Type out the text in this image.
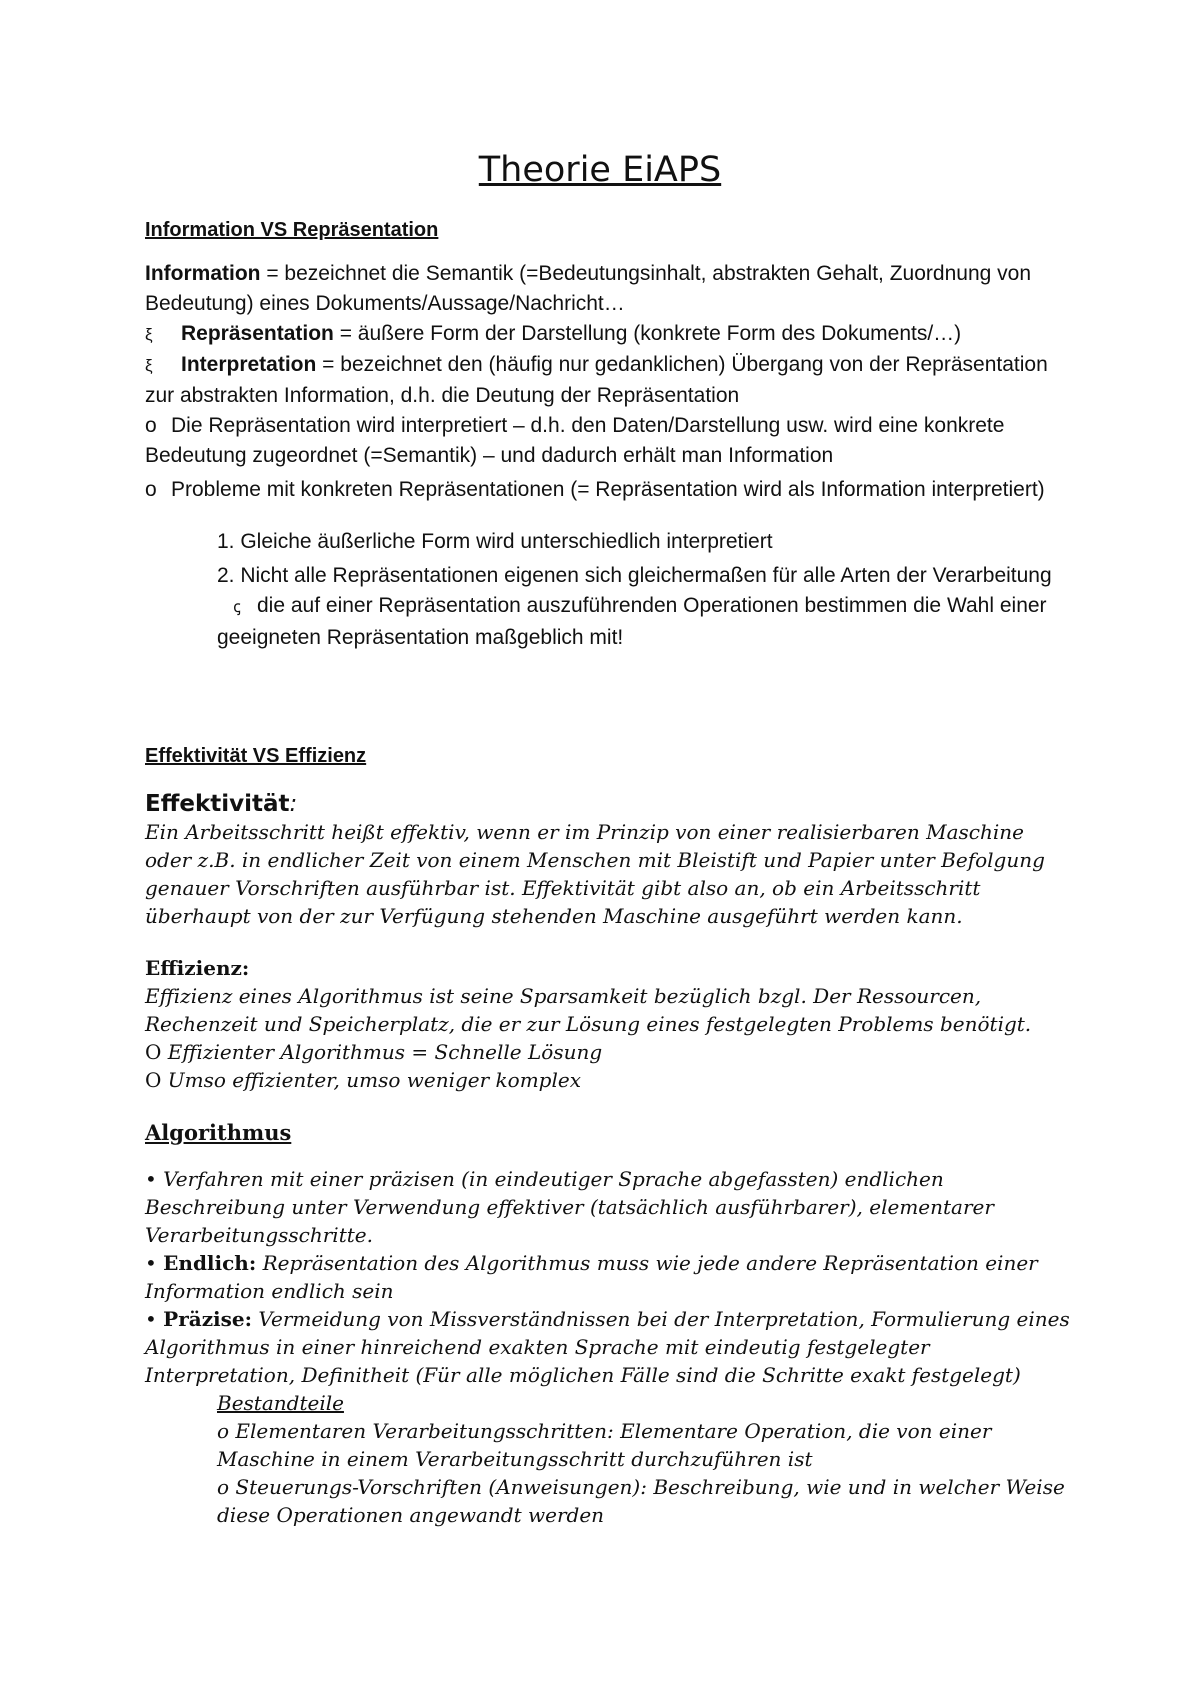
Theorie EiAPS

Information VS Repräsentation

Information = bezeichnet die Semantik (=Bedeutungsinhalt, abstrakten Gehalt, Zuordnung von Bedeutung) eines Dokuments/Aussage/Nachricht…

ξ Repräsentation = äußere Form der Darstellung (konkrete Form des Dokuments/…)

ξ Interpretation = bezeichnet den (häufig nur gedanklichen) Übergang von der Repräsentation zur abstrakten Information, d.h. die Deutung der Repräsentation

o Die Repräsentation wird interpretiert – d.h. den Daten/Darstellung usw. wird eine konkrete Bedeutung zugeordnet (=Semantik) – und dadurch erhält man Information

o Probleme mit konkreten Repräsentationen (= Repräsentation wird als Information interpretiert)

1. Gleiche äußerliche Form wird unterschiedlich interpretiert
2. Nicht alle Repräsentationen eigenen sich gleichermaßen für alle Arten der Verarbeitungꞔ die auf einer Repräsentation auszuführenden Operationen bestimmen die Wahl einer geeigneten Repräsentation maßgeblich mit!

Effektivität VS Effizienz

Effektivität:

Ein Arbeitsschritt heißt effektiv, wenn er im Prinzip von einer realisierbaren Maschine oder z.B. in endlicher Zeit von einem Menschen mit Bleistift und Papier unter Befolgung genauer Vorschriften ausführbar ist. Effektivität gibt also an, ob ein Arbeitsschritt überhaupt von der zur Verfügung stehenden Maschine ausgeführt werden kann.

Effizienz:

Effizienz eines Algorithmus ist seine Sparsamkeit bezüglich bzgl. Der Ressourcen, Rechenzeit und Speicherplatz, die er zur Lösung eines festgelegten Problems benötigt.

O Effizienter Algorithmus = Schnelle Lösung

O Umso effizienter, umso weniger komplex

Algorithmus

• Verfahren mit einer präzisen (in eindeutiger Sprache abgefassten) endlichen Beschreibung unter Verwendung effektiver (tatsächlich ausführbarer), elementarer Verarbeitungsschritte.

• Endlich: Repräsentation des Algorithmus muss wie jede andere Repräsentation einer Information endlich sein

• Präzise: Vermeidung von Missverständnissen bei der Interpretation, Formulierung eines Algorithmus in einer hinreichend exakten Sprache mit eindeutig festgelegter Interpretation, Definitheit (Für alle möglichen Fälle sind die Schritte exakt festgelegt)

Bestandteile
o Elementaren Verarbeitungsschritten: Elementare Operation, die von einer Maschine in einem Verarbeitungsschritt durchzuführen ist
o Steuerungs-Vorschriften (Anweisungen): Beschreibung, wie und in welcher Weise diese Operationen angewandt werden
